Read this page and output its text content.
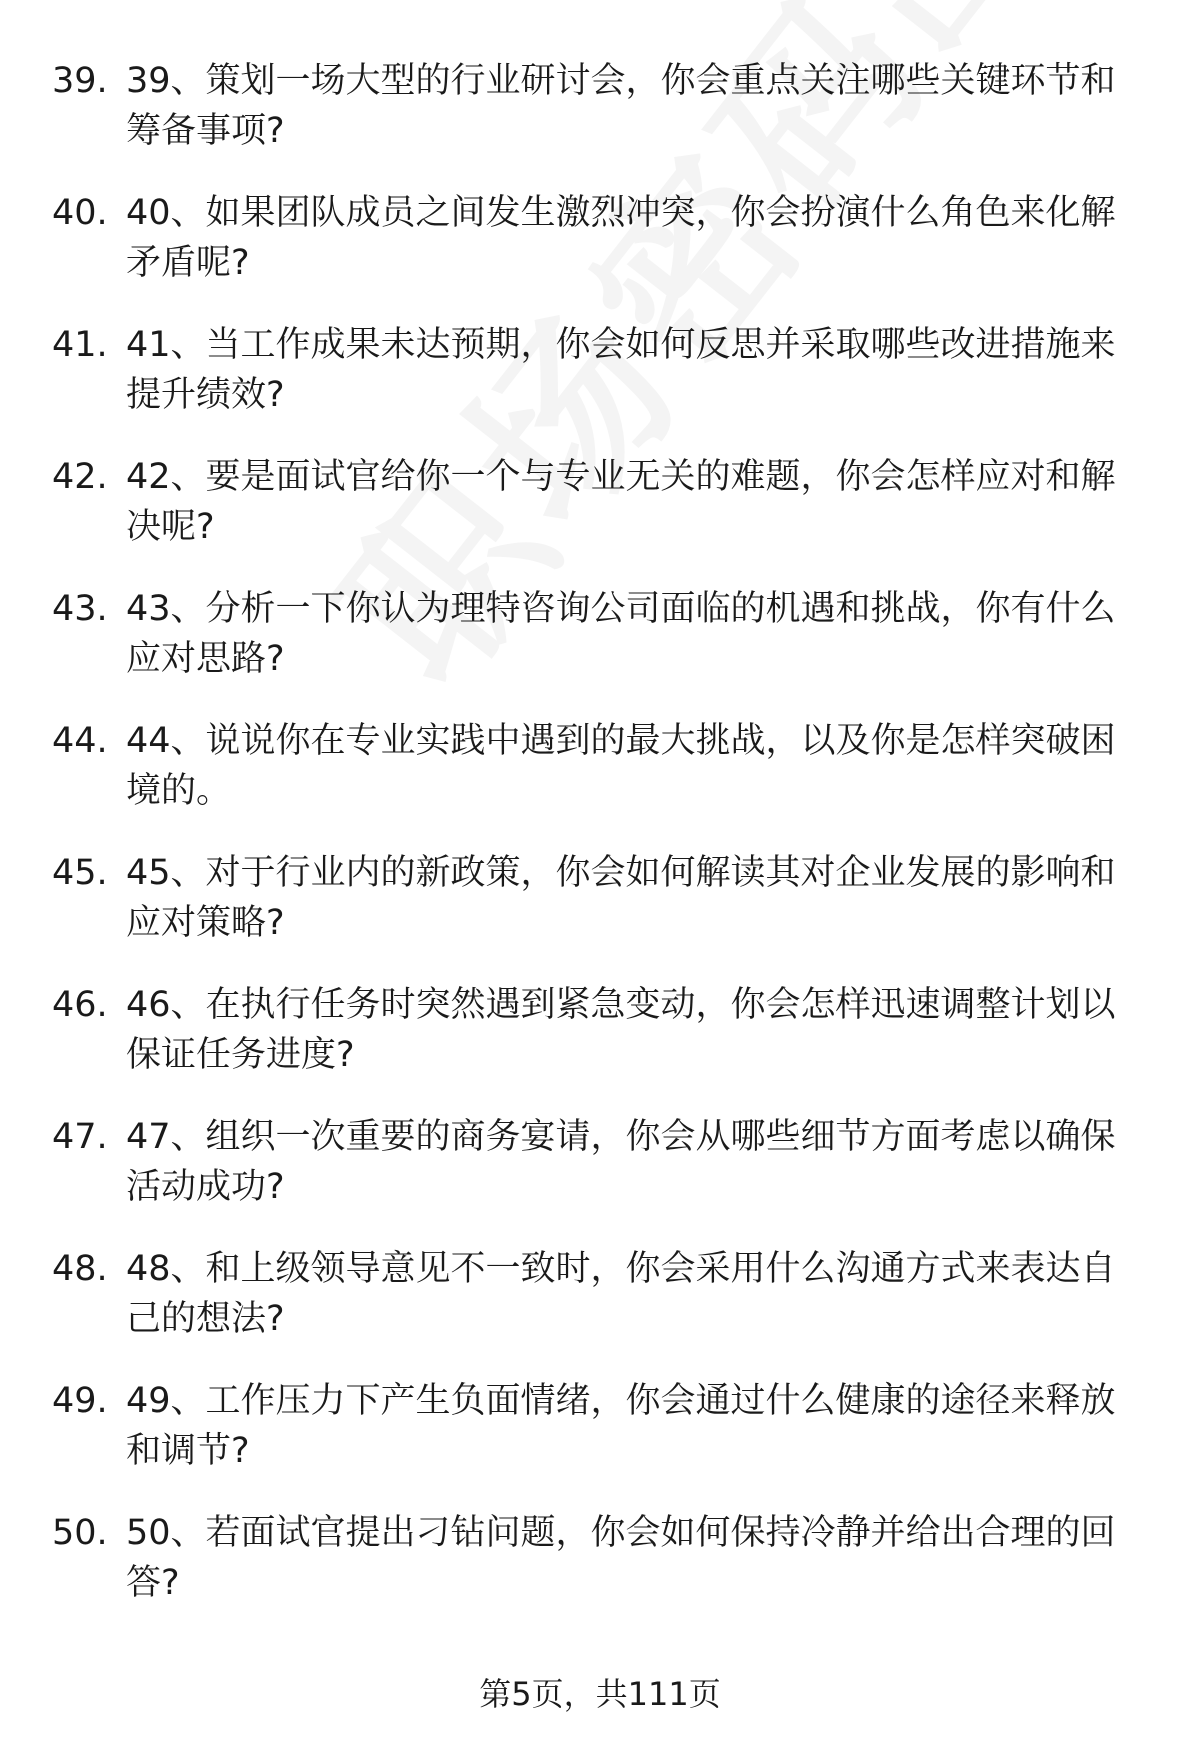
39. 39、策划一场大型的行业研讨会，你会重点关注哪些关键环节和筹备事项?
40. 40、如果团队成员之间发生激烈冲突，你会扮演什么角色来化解矛盾呢?
41. 41、当工作成果未达预期，你会如何反思并采取哪些改进措施来提升绩效?
42. 42、要是面试官给你一个与专业无关的难题，你会怎样应对和解决呢?
43. 43、分析一下你认为理特咨询公司面临的机遇和挑战，你有什么应对思路?
44. 44、说说你在专业实践中遇到的最大挑战，以及你是怎样突破困境的。
45. 45、对于行业内的新政策，你会如何解读其对企业发展的影响和应对策略?
46. 46、在执行任务时突然遇到紧急变动，你会怎样迅速调整计划以保证任务进度?
47. 47、组织一次重要的商务宴请，你会从哪些细节方面考虑以确保活动成功?
48. 48、和上级领导意见不一致时，你会采用什么沟通方式来表达自己的想法?
49. 49、工作压力下产生负面情绪，你会通过什么健康的途径来释放和调节?
50. 50、若面试官提出刁钻问题，你会如何保持冷静并给出合理的回答?
第5页，共111页
